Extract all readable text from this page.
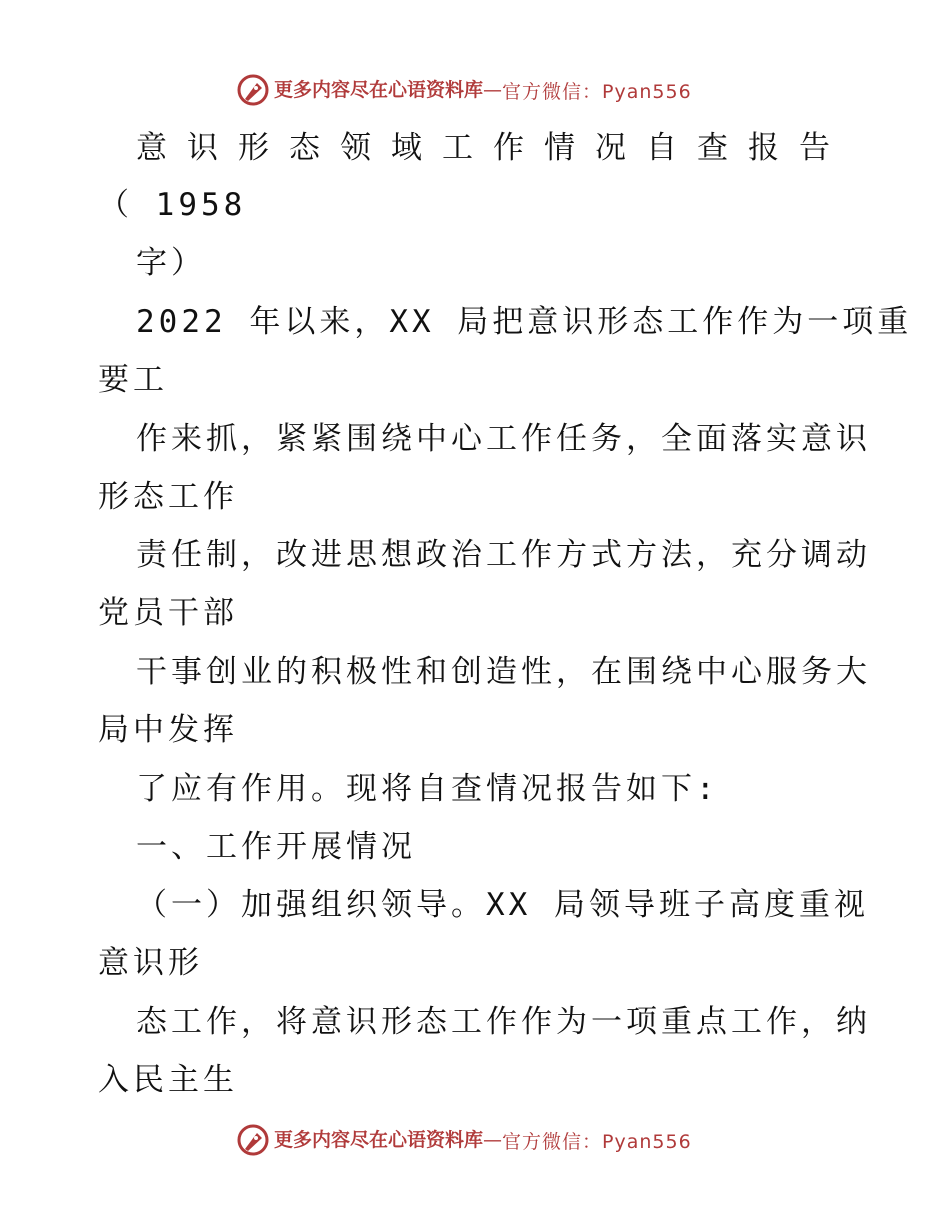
更多内容尽在心语资料库 — 官方微信：Pyan556
意识形态领域工作情况自查报告
（ 1958
字）
2022 年以来，XX 局把意识形态工作作为一项重
要工
作来抓，紧紧围绕中心工作任务，全面落实意识
形态工作
责任制，改进思想政治工作方式方法，充分调动
党员干部
干事创业的积极性和创造性，在围绕中心服务大
局中发挥
了应有作用。现将自查情况报告如下:
一、工作开展情况
（一）加强组织领导。XX 局领导班子高度重视
意识形
态工作，将意识形态工作作为一项重点工作，纳
入民主生
更多内容尽在心语资料库 — 官方微信：Pyan556
